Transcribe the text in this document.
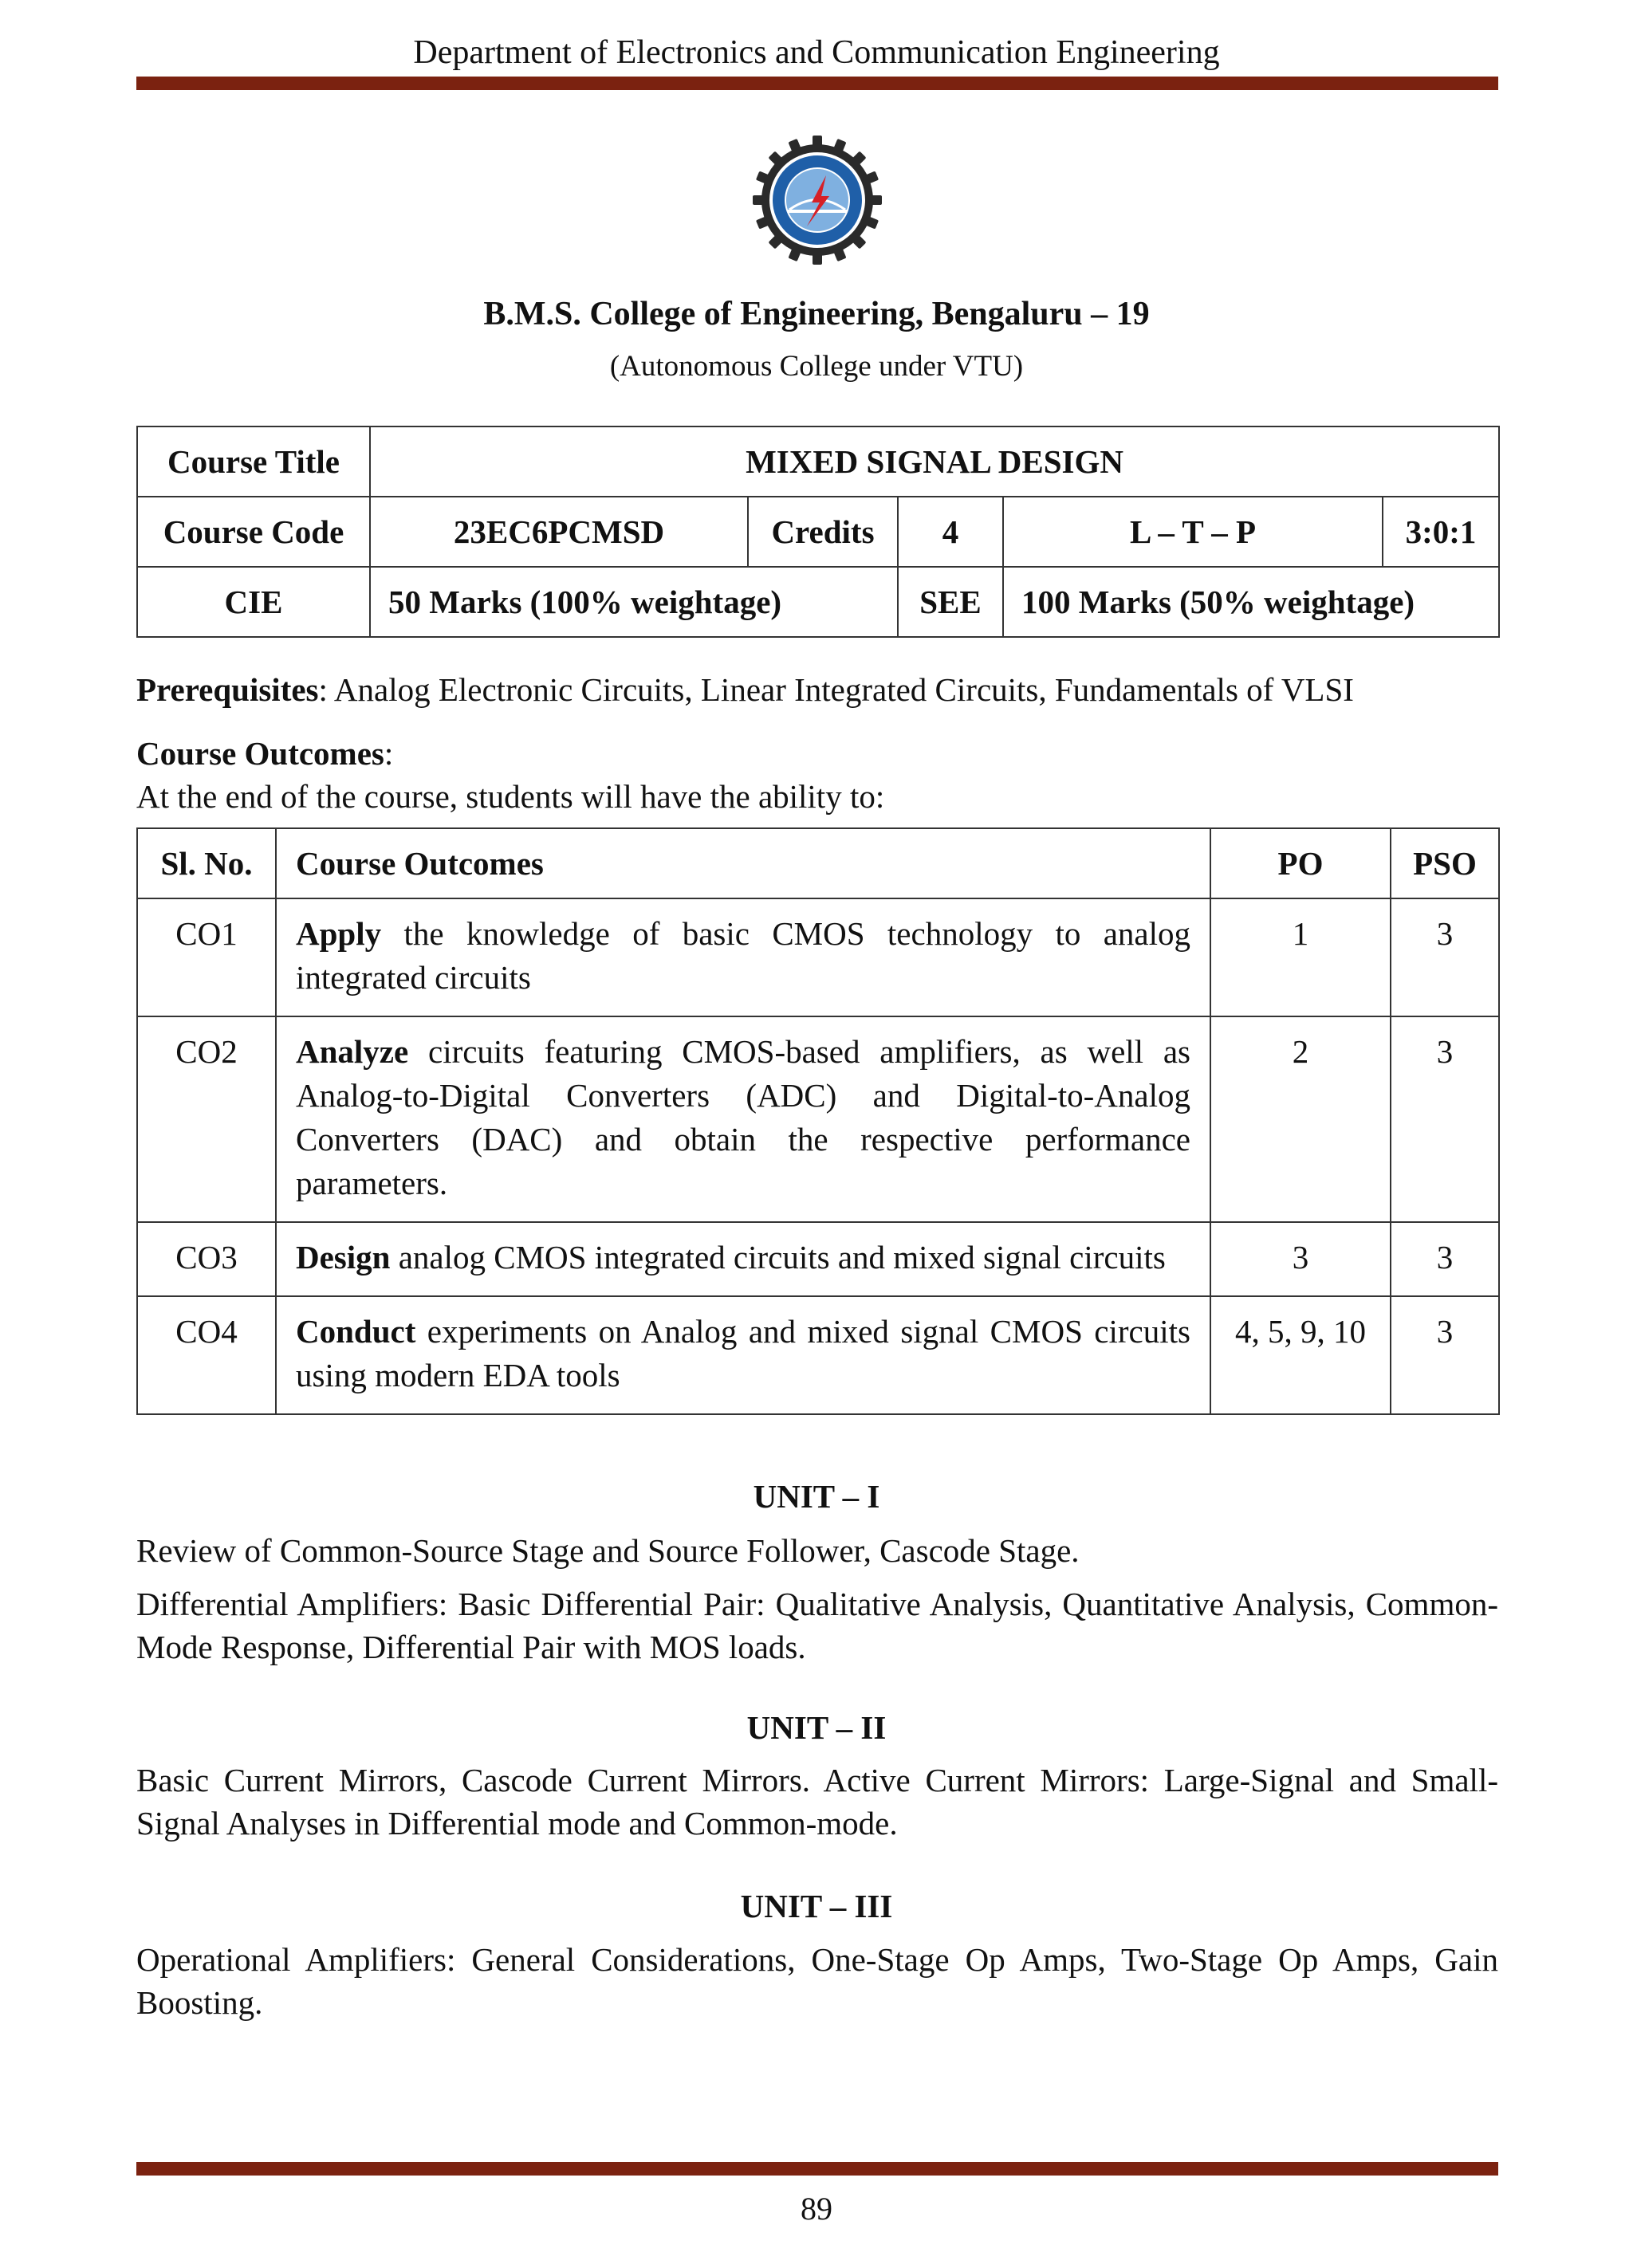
Department of Electronics and Communication Engineering
B.M.S. College of Engineering, Bengaluru – 19
(Autonomous College under VTU)
Course Title	MIXED SIGNAL DESIGN				
Course Code	23EC6PCMSD	Credits	4	L – T – P	3:0:1
CIE	50 Marks (100% weightage)		SEE	100 Marks (50% weightage)	
Prerequisites: Analog Electronic Circuits, Linear Integrated Circuits, Fundamentals of VLSI
Course Outcomes:
At the end of the course, students will have the ability to:
Sl. No.	Course Outcomes	PO	PSO
CO1	Apply the knowledge of basic CMOS technology to analog integrated circuits	1	3
CO2	Analyze circuits featuring CMOS-based amplifiers, as well as Analog-to-Digital Converters (ADC) and Digital-to-Analog Converters (DAC) and obtain the respective performance parameters.	2	3
CO3	Design analog CMOS integrated circuits and mixed signal circuits	3	3
CO4	Conduct experiments on Analog and mixed signal CMOS circuits using modern EDA tools	4, 5, 9, 10	3
UNIT – I
Review of Common-Source Stage and Source Follower, Cascode Stage.
Differential Amplifiers: Basic Differential Pair: Qualitative Analysis, Quantitative Analysis, Common-Mode Response, Differential Pair with MOS loads.
UNIT – II
Basic Current Mirrors, Cascode Current Mirrors. Active Current Mirrors: Large-Signal and Small-Signal Analyses in Differential mode and Common-mode.
UNIT – III
Operational Amplifiers: General Considerations, One-Stage Op Amps, Two-Stage Op Amps, Gain Boosting.
89
